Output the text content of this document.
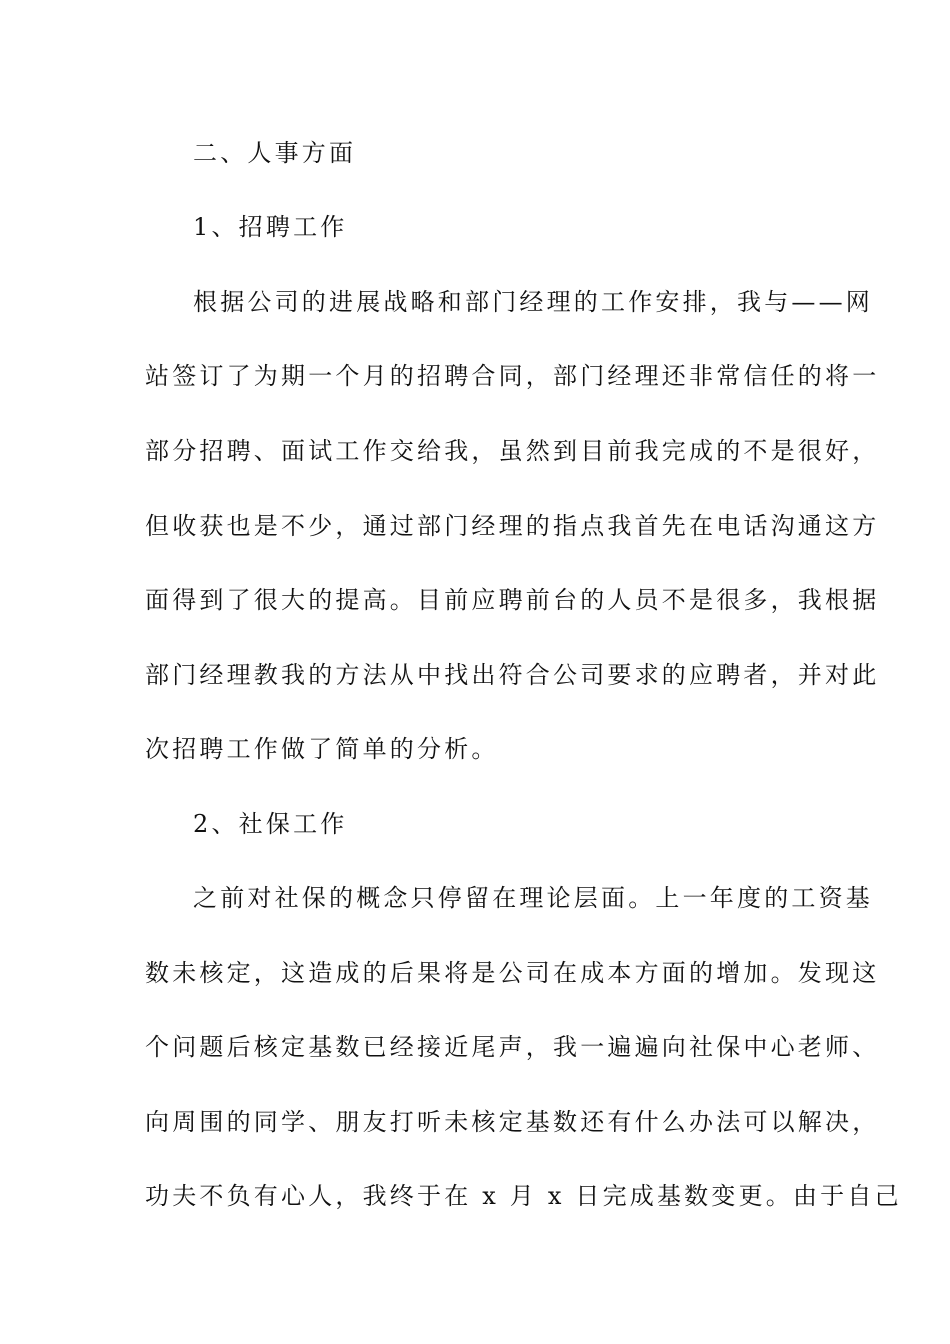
二、人事方面
1、招聘工作
根据公司的进展战略和部门经理的工作安排，我与——网
站签订了为期一个月的招聘合同，部门经理还非常信任的将一
部分招聘、面试工作交给我，虽然到目前我完成的不是很好，
但收获也是不少，通过部门经理的指点我首先在电话沟通这方
面得到了很大的提高。目前应聘前台的人员不是很多，我根据
部门经理教我的方法从中找出符合公司要求的应聘者，并对此
次招聘工作做了简单的分析。
2、社保工作
之前对社保的概念只停留在理论层面。上一年度的工资基
数未核定，这造成的后果将是公司在成本方面的增加。发现这
个问题后核定基数已经接近尾声，我一遍遍向社保中心老师、
向周围的同学、朋友打听未核定基数还有什么办法可以解决，
功夫不负有心人，我终于在 x 月 x 日完成基数变更。由于自己
